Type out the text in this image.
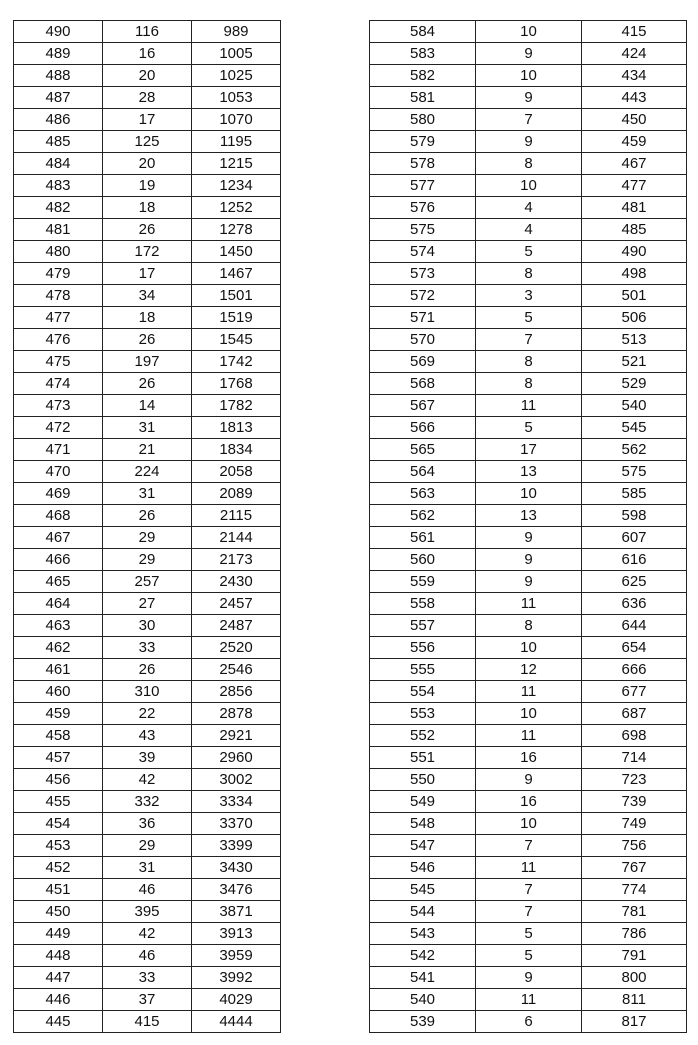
490	116	989
489	16	1005
488	20	1025
487	28	1053
486	17	1070
485	125	1195
484	20	1215
483	19	1234
482	18	1252
481	26	1278
480	172	1450
479	17	1467
478	34	1501
477	18	1519
476	26	1545
475	197	1742
474	26	1768
473	14	1782
472	31	1813
471	21	1834
470	224	2058
469	31	2089
468	26	2115
467	29	2144
466	29	2173
465	257	2430
464	27	2457
463	30	2487
462	33	2520
461	26	2546
460	310	2856
459	22	2878
458	43	2921
457	39	2960
456	42	3002
455	332	3334
454	36	3370
453	29	3399
452	31	3430
451	46	3476
450	395	3871
449	42	3913
448	46	3959
447	33	3992
446	37	4029
445	415	4444
584	10	415
583	9	424
582	10	434
581	9	443
580	7	450
579	9	459
578	8	467
577	10	477
576	4	481
575	4	485
574	5	490
573	8	498
572	3	501
571	5	506
570	7	513
569	8	521
568	8	529
567	11	540
566	5	545
565	17	562
564	13	575
563	10	585
562	13	598
561	9	607
560	9	616
559	9	625
558	11	636
557	8	644
556	10	654
555	12	666
554	11	677
553	10	687
552	11	698
551	16	714
550	9	723
549	16	739
548	10	749
547	7	756
546	11	767
545	7	774
544	7	781
543	5	786
542	5	791
541	9	800
540	11	811
539	6	817
